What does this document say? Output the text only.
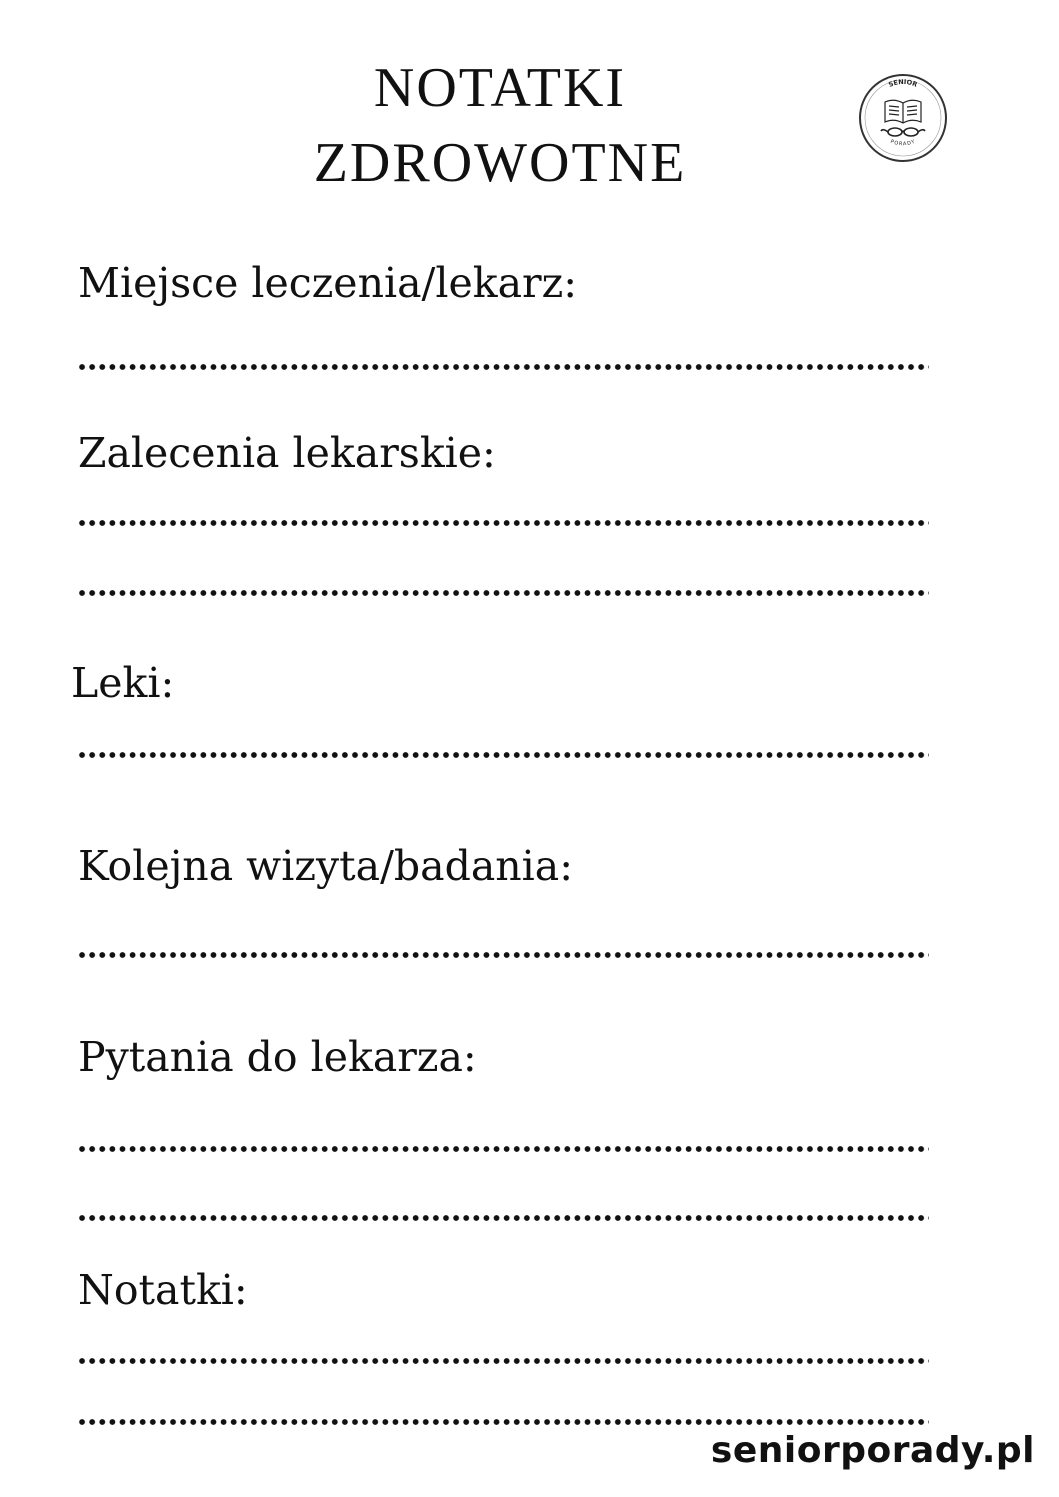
NOTATKI
ZDROWOTNE
SENIOR
PORADY
Miejsce leczenia/lekarz:
Zalecenia lekarskie:
Leki:
Kolejna wizyta/badania:
Pytania do lekarza:
Notatki:
seniorporady.pl
